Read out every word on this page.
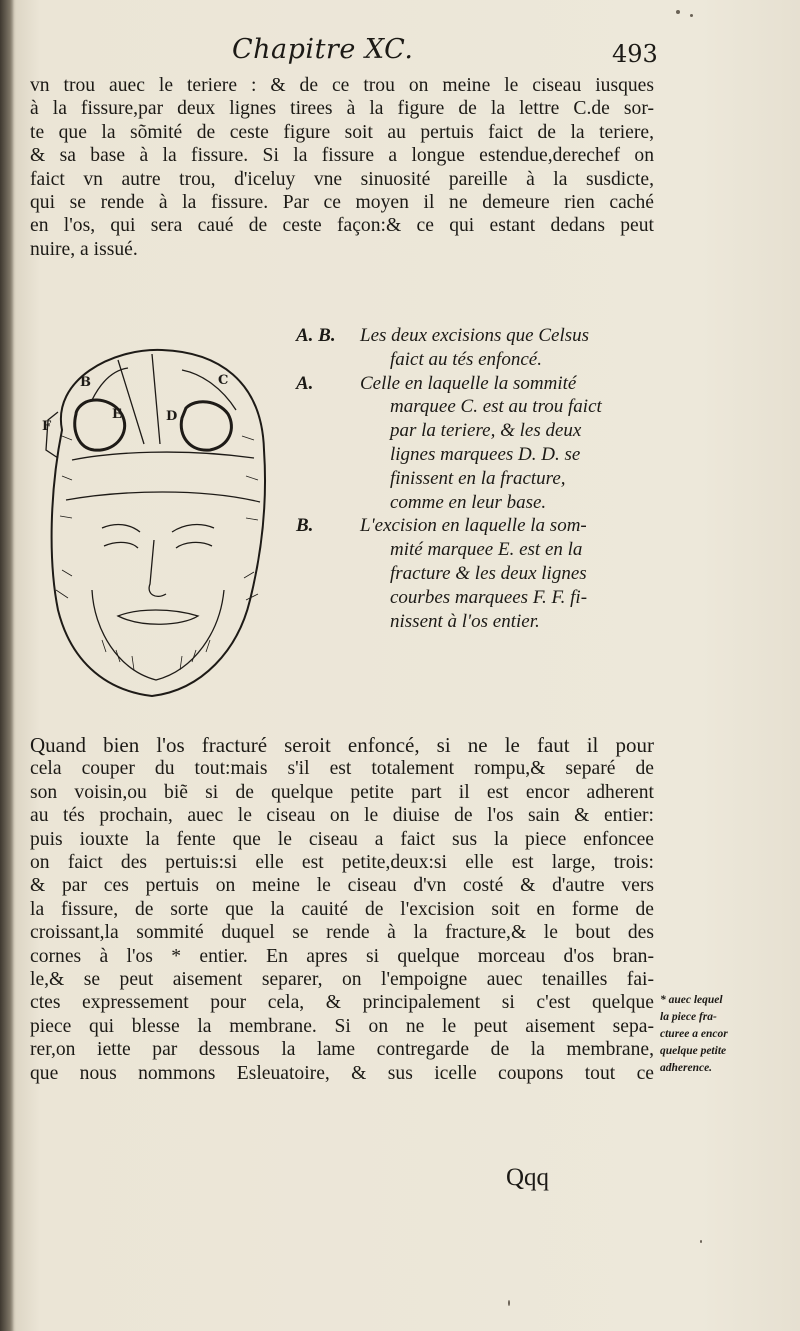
Chapitre XC.	493
vn trou auec le teriere : & de ce trou on meine le ciseau iusques
à la fissure,par deux lignes tirees à la figure de la lettre C.de sor-
te que la sõmité de ceste figure soit au pertuis faict de la teriere,
& sa base à la fissure. Si la fissure a longue estendue,derechef on
faict vn autre trou, d'iceluy vne sinuosité pareille à la susdicte,
qui se rende à la fissure. Par ce moyen il ne demeure rien caché
en l'os, qui sera caué de ceste façon:& ce qui estant dedans peut
nuire, a issué.
B
E
F
D
C
A. B.	Les deux excisions que Celsus
faict au tés enfoncé.
A.	Celle en laquelle la sommité
marquee C. est au trou faict
par la teriere, & les deux
lignes marquees D. D. se
finissent en la fracture,
comme en leur base.
B.	L'excision en laquelle la som-
mité marquee E. est en la
fracture & les deux lignes
courbes marquees F. F. fi-
nissent à l'os entier.
Quand bien l'os fracturé seroit enfoncé, si ne le faut il pour
cela couper du tout:mais s'il est totalement rompu,& separé de
son voisin,ou biẽ si de quelque petite part il est encor adherent
au tés prochain, auec le ciseau on le diuise de l'os sain & entier:
puis iouxte la fente que le ciseau a faict sus la piece enfoncee
on faict des pertuis:si elle est petite,deux:si elle est large, trois:
& par ces pertuis on meine le ciseau d'vn costé & d'autre vers
la fissure, de sorte que la cauité de l'excision soit en forme de
croissant,la sommité duquel se rende à la fracture,& le bout des
cornes à l'os * entier. En apres si quelque morceau d'os bran-
le,& se peut aisement separer, on l'empoigne auec tenailles fai-
ctes expressement pour cela, & principalement si c'est quelque
piece qui blesse la membrane. Si on ne le peut aisement sepa-
rer,on iette par dessous la lame contregarde de la membrane,
que nous nommons Esleuatoire, & sus icelle coupons tout ce
* auec lequel
la piece fra-
cturee a encor
quelque petite
adherence.
Qqq
